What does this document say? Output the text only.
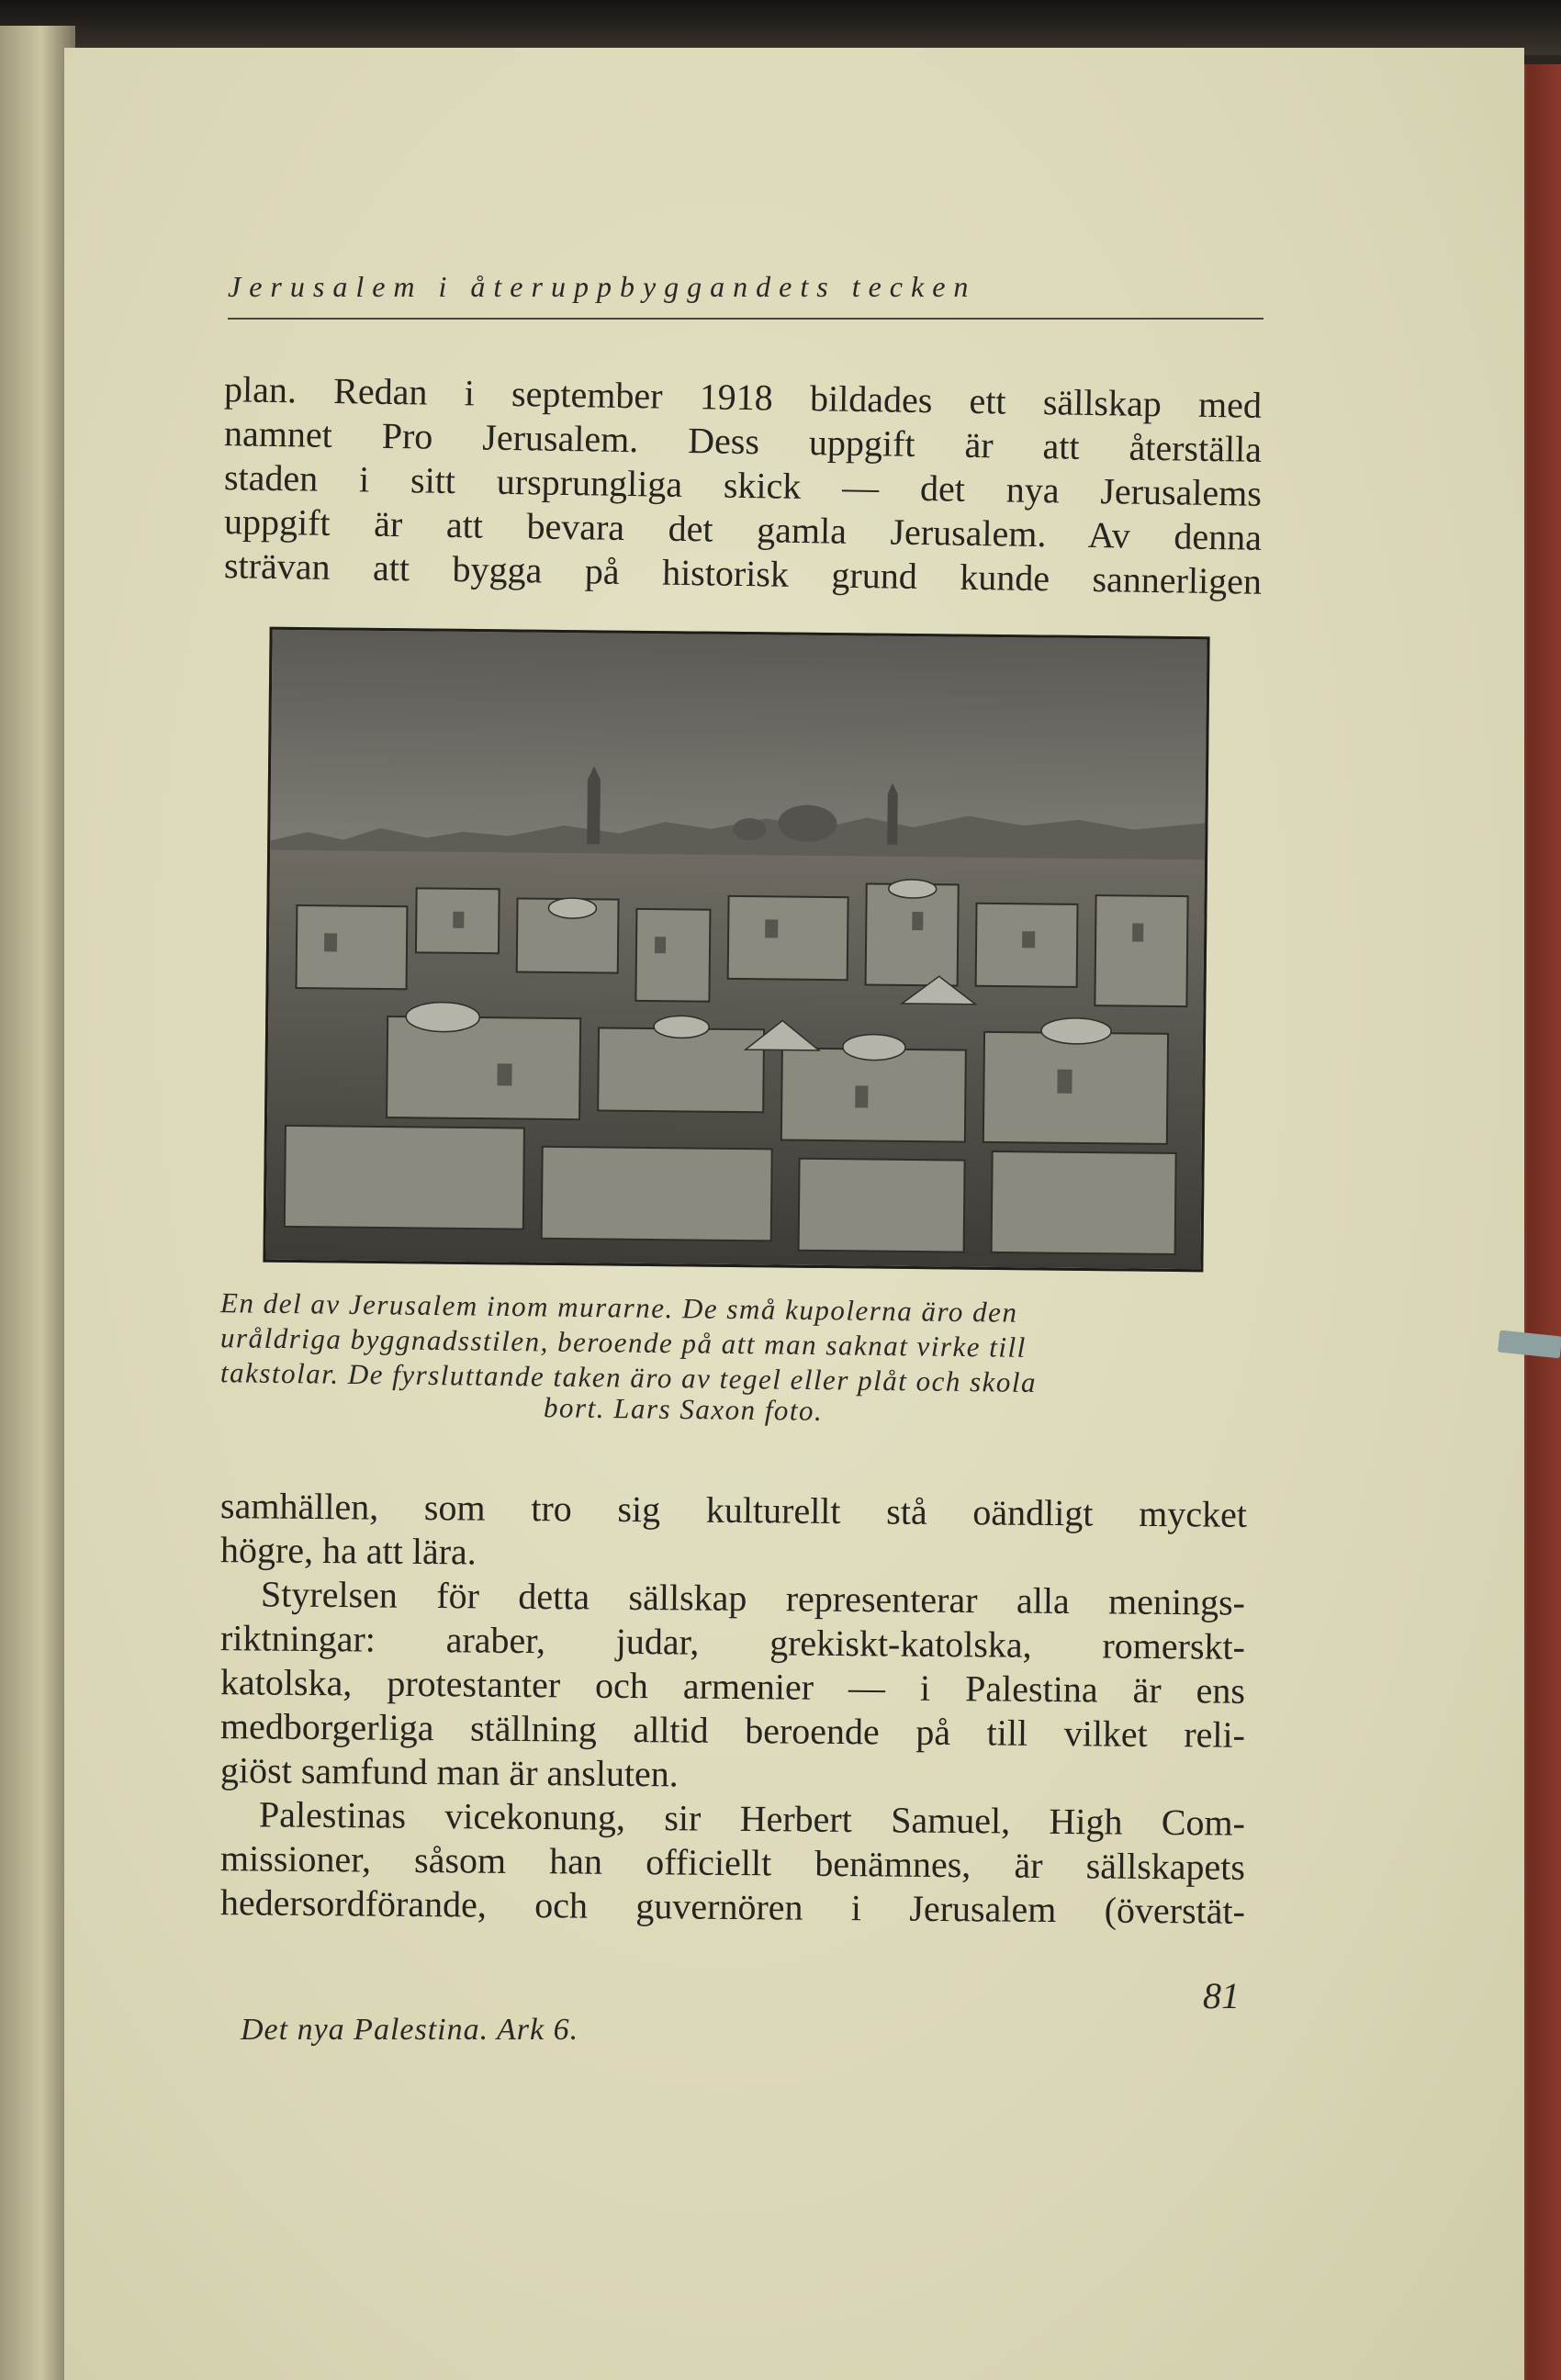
Jerusalem i återuppbyggandets tecken
plan. Redan i september 1918 bildades ett sällskap med
namnet Pro Jerusalem. Dess uppgift är att återställa
staden i sitt ursprungliga skick — det nya Jerusalems
uppgift är att bevara det gamla Jerusalem. Av denna
strävan att bygga på historisk grund kunde sannerligen
En del av Jerusalem inom murarne. De små kupolerna äro den
uråldriga byggnadsstilen, beroende på att man saknat virke till
takstolar. De fyrsluttande taken äro av tegel eller plåt och skola
bort. Lars Saxon foto.
samhällen, som tro sig kulturellt stå oändligt mycket
högre, ha att lära.
Styrelsen för detta sällskap representerar alla menings-
riktningar: araber, judar, grekiskt-katolska, romerskt-
katolska, protestanter och armenier — i Palestina är ens
medborgerliga ställning alltid beroende på till vilket reli-
giöst samfund man är ansluten.
Palestinas vicekonung, sir Herbert Samuel, High Com-
missioner, såsom han officiellt benämnes, är sällskapets
hedersordförande, och guvernören i Jerusalem (överstät-
81
Det nya Palestina. Ark 6.
